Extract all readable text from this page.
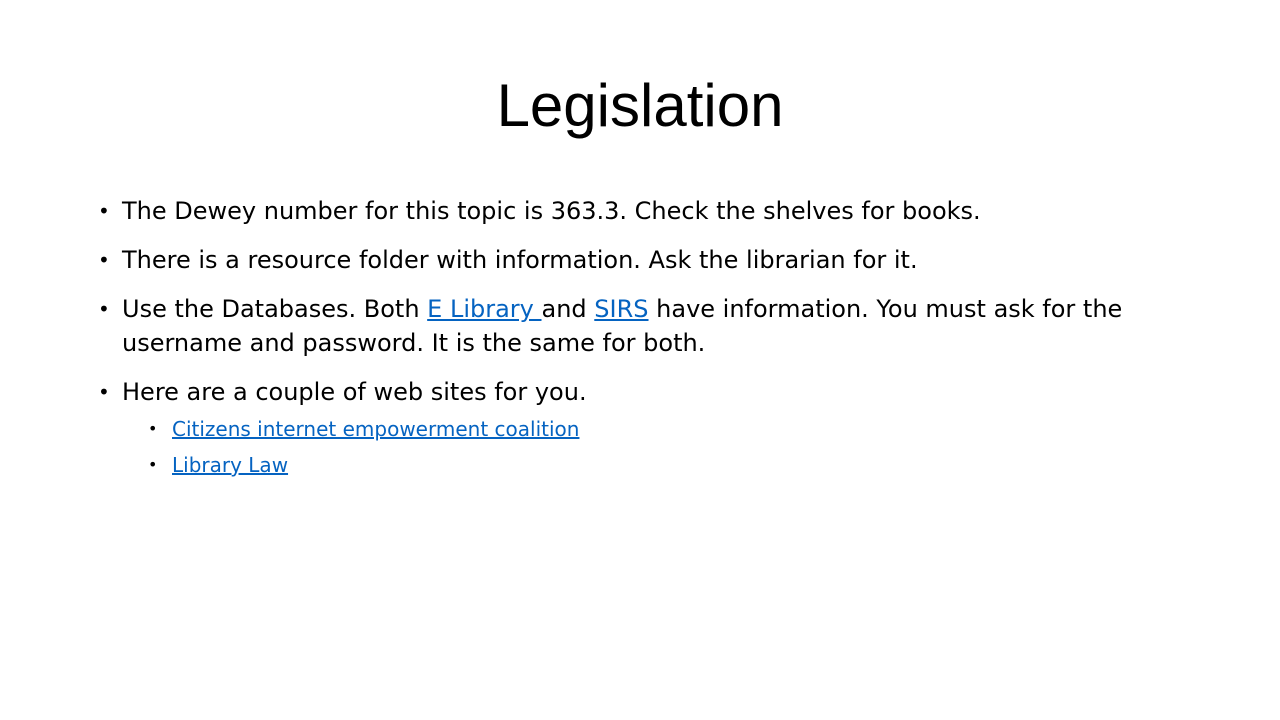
Legislation
• The Dewey number for this topic is 363.3. Check the shelves for books.
• There is a resource folder with information. Ask the librarian for it.
• Use the Databases. Both E Library and SIRS have information. You must ask for the username and password. It is the same for both.
• Here are a couple of web sites for you.
• Citizens internet empowerment coalition
• Library Law
